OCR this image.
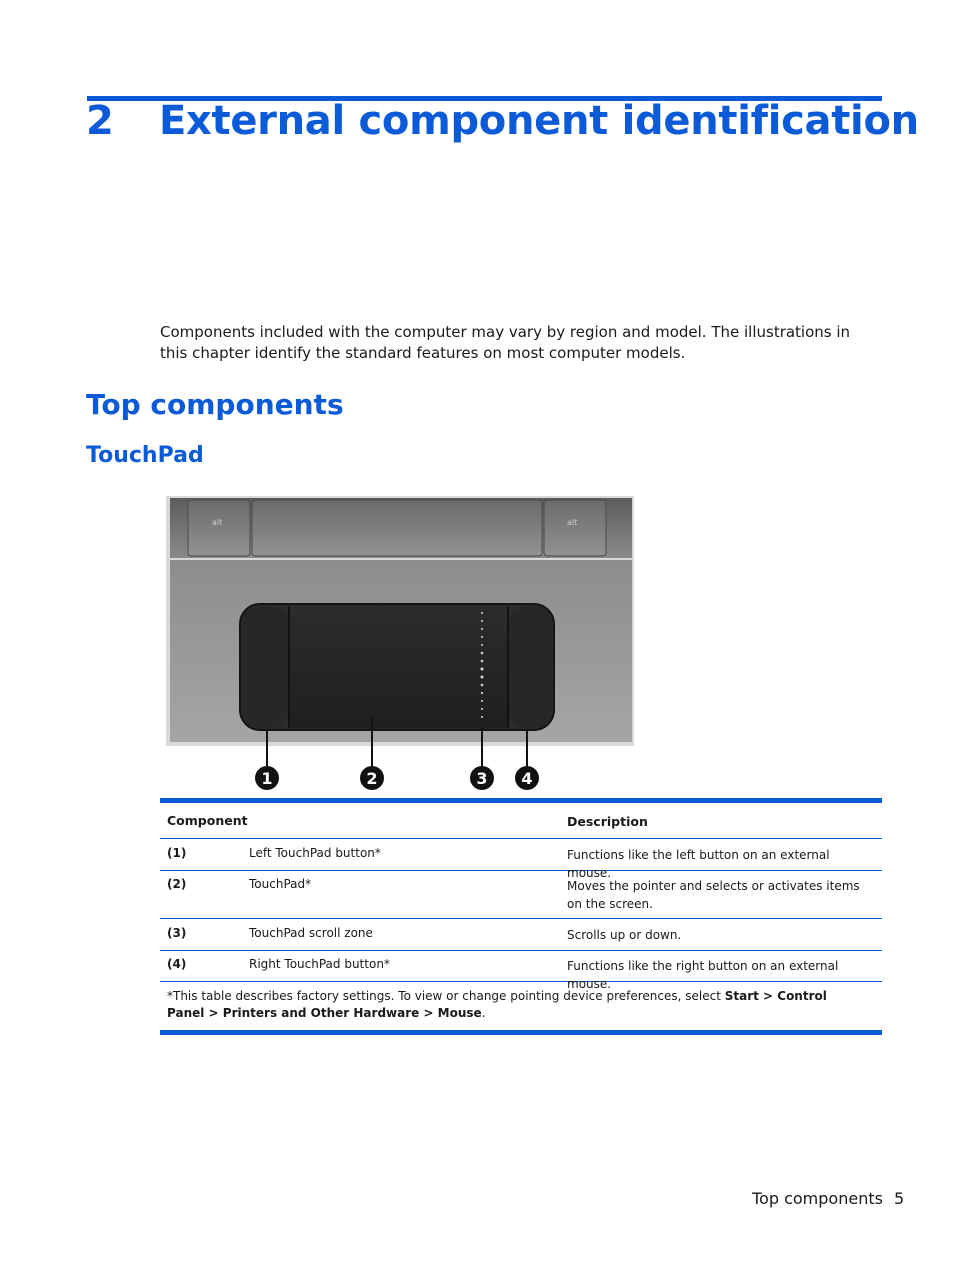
2 External component identification

Components included with the computer may vary by region and model. The illustrations in this chapter identify the standard features on most computer models.

Top components
TouchPad
alt	alt
1	2	3 4
Component	Description
(1)	Left TouchPad button*	Functions like the left button on an external mouse.
(2)	TouchPad*	Moves the pointer and selects or activates items on the screen.
(3)	TouchPad scroll zone	Scrolls up or down.
(4)	Right TouchPad button*	Functions like the right button on an external mouse.

*This table describes factory settings. To view or change pointing device preferences, select Start > Control Panel > Printers and Other Hardware > Mouse.

Top components 5
